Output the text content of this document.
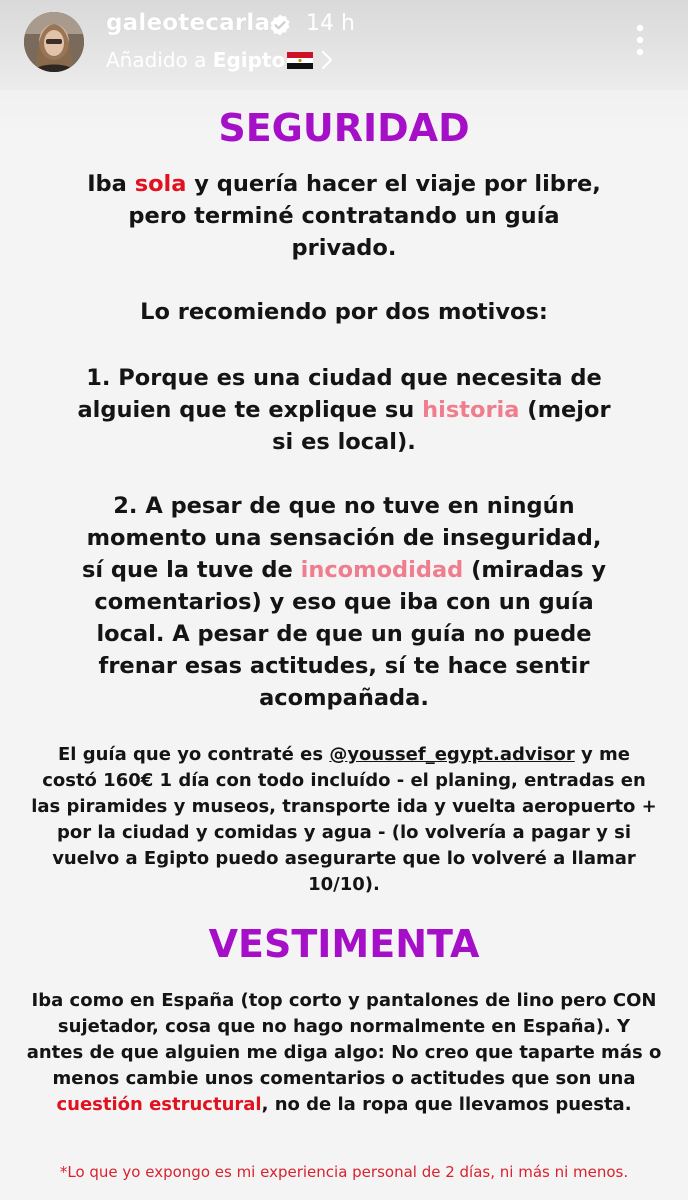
galeotecarla 14 h
Añadido a Egipto
SEGURIDAD
Iba sola y quería hacer el viaje por libre,
pero terminé contratando un guía
privado.
Lo recomiendo por dos motivos:
1. Porque es una ciudad que necesita de
alguien que te explique su historia (mejor
si es local).
2. A pesar de que no tuve en ningún
momento una sensación de inseguridad,
sí que la tuve de incomodidad (miradas y
comentarios) y eso que iba con un guía
local. A pesar de que un guía no puede
frenar esas actitudes, sí te hace sentir
acompañada.
El guía que yo contraté es @youssef_egypt.advisor y me
costó 160€ 1 día con todo incluído - el planing, entradas en
las piramides y museos, transporte ida y vuelta aeropuerto +
por la ciudad y comidas y agua - (lo volvería a pagar y si
vuelvo a Egipto puedo asegurarte que lo volveré a llamar
10/10).
VESTIMENTA
Iba como en España (top corto y pantalones de lino pero CON
sujetador, cosa que no hago normalmente en España). Y
antes de que alguien me diga algo: No creo que taparte más o
menos cambie unos comentarios o actitudes que son una
cuestión estructural, no de la ropa que llevamos puesta.
*Lo que yo expongo es mi experiencia personal de 2 días, ni más ni menos.
